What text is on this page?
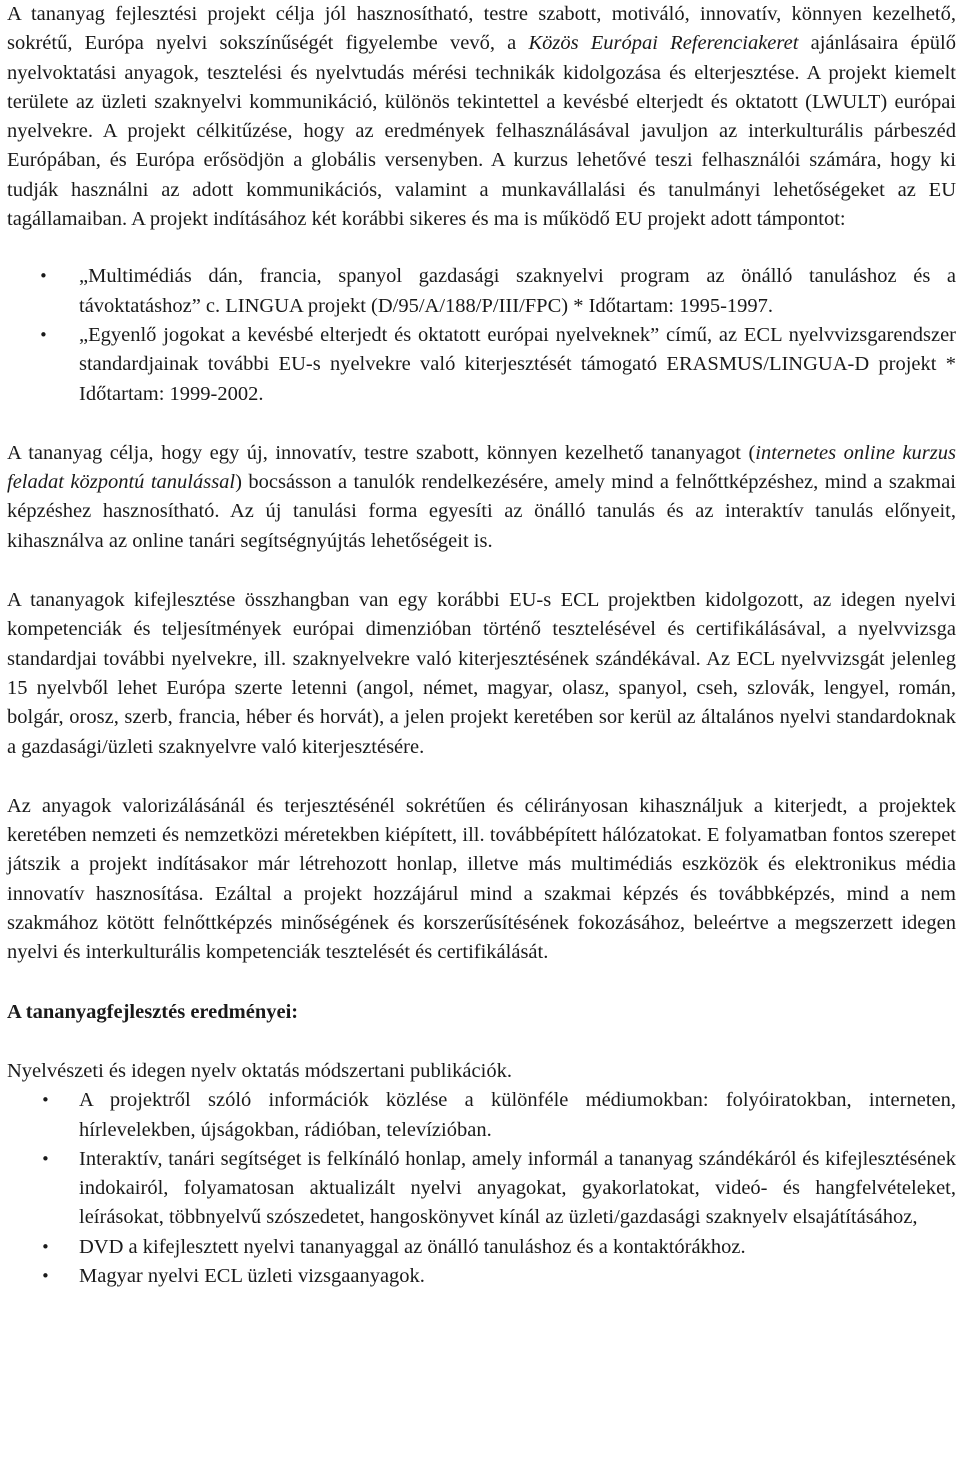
A tananyag fejlesztési projekt célja jól hasznosítható, testre szabott, motiváló, innovatív, könnyen kezelhető, sokrétű, Európa nyelvi sokszínűségét figyelembe vevő, a Közös Európai Referenciakeret ajánlásaira épülő nyelvoktatási anyagok, tesztelési és nyelvtudás mérési technikák kidolgozása és elterjesztése. A projekt kiemelt területe az üzleti szaknyelvi kommunikáció, különös tekintettel a kevésbé elterjedt és oktatott (LWULT) európai nyelvekre. A projekt célkitűzése, hogy az eredmények felhasználásával javuljon az interkulturális párbeszéd Európában, és Európa erősödjön a globális versenyben. A kurzus lehetővé teszi felhasználói számára, hogy ki tudják használni az adott kommunikációs, valamint a munkavállalási és tanulmányi lehetőségeket az EU tagállamaiban. A projekt indításához két korábbi sikeres és ma is működő EU projekt adott támpontot:

• „Multimédiás dán, francia, spanyol gazdasági szaknyelvi program az önálló tanuláshoz és a távoktatáshoz” c. LINGUA projekt (D/95/A/188/P/III/FPC) * Időtartam: 1995-1997.
• „Egyenlő jogokat a kevésbé elterjedt és oktatott európai nyelveknek” című, az ECL nyelvvizsgarendszer standardjainak további EU-s nyelvekre való kiterjesztését támogató ERASMUS/LINGUA-D projekt * Időtartam: 1999-2002.

A tananyag célja, hogy egy új, innovatív, testre szabott, könnyen kezelhető tananyagot (internetes online kurzus feladat központú tanulással) bocsásson a tanulók rendelkezésére, amely mind a felnőttképzéshez, mind a szakmai képzéshez hasznosítható. Az új tanulási forma egyesíti az önálló tanulás és az interaktív tanulás előnyeit, kihasználva az online tanári segítségnyújtás lehetőségeit is.

A tananyagok kifejlesztése összhangban van egy korábbi EU-s ECL projektben kidolgozott, az idegen nyelvi kompetenciák és teljesítmények európai dimenzióban történő tesztelésével és certifikálásával, a nyelvvizsga standardjai további nyelvekre, ill. szaknyelvekre való kiterjesztésének szándékával. Az ECL nyelvvizsgát jelenleg 15 nyelvből lehet Európa szerte letenni (angol, német, magyar, olasz, spanyol, cseh, szlovák, lengyel, román, bolgár, orosz, szerb, francia, héber és horvát), a jelen projekt keretében sor kerül az általános nyelvi standardoknak a gazdasági/üzleti szaknyelvre való kiterjesztésére.

Az anyagok valorizálásánál és terjesztésénél sokrétűen és célirányosan kihasználjuk a kiterjedt, a projektek keretében nemzeti és nemzetközi méretekben kiépített, ill. továbbépített hálózatokat. E folyamatban fontos szerepet játszik a projekt indításakor már létrehozott honlap, illetve más multimédiás eszközök és elektronikus média innovatív hasznosítása. Ezáltal a projekt hozzájárul mind a szakmai képzés és továbbképzés, mind a nem szakmához kötött felnőttképzés minőségének és korszerűsítésének fokozásához, beleértve a megszerzett idegen nyelvi és interkulturális kompetenciák tesztelését és certifikálását.

A tananyagfejlesztés eredményei:

Nyelvészeti és idegen nyelv oktatás módszertani publikációk.

• A projektről szóló információk közlése a különféle médiumokban: folyóiratokban, interneten, hírlevelekben, újságokban, rádióban, televízióban.
• Interaktív, tanári segítséget is felkínáló honlap, amely informál a tananyag szándékáról és kifejlesztésének indokairól, folyamatosan aktualizált nyelvi anyagokat, gyakorlatokat, videó- és hangfelvételeket, leírásokat, többnyelvű szószedetet, hangoskönyvet kínál az üzleti/gazdasági szaknyelv elsajátításához,
• DVD a kifejlesztett nyelvi tananyaggal az önálló tanuláshoz és a kontaktórákhoz.
• Magyar nyelvi ECL üzleti vizsgaanyagok.
